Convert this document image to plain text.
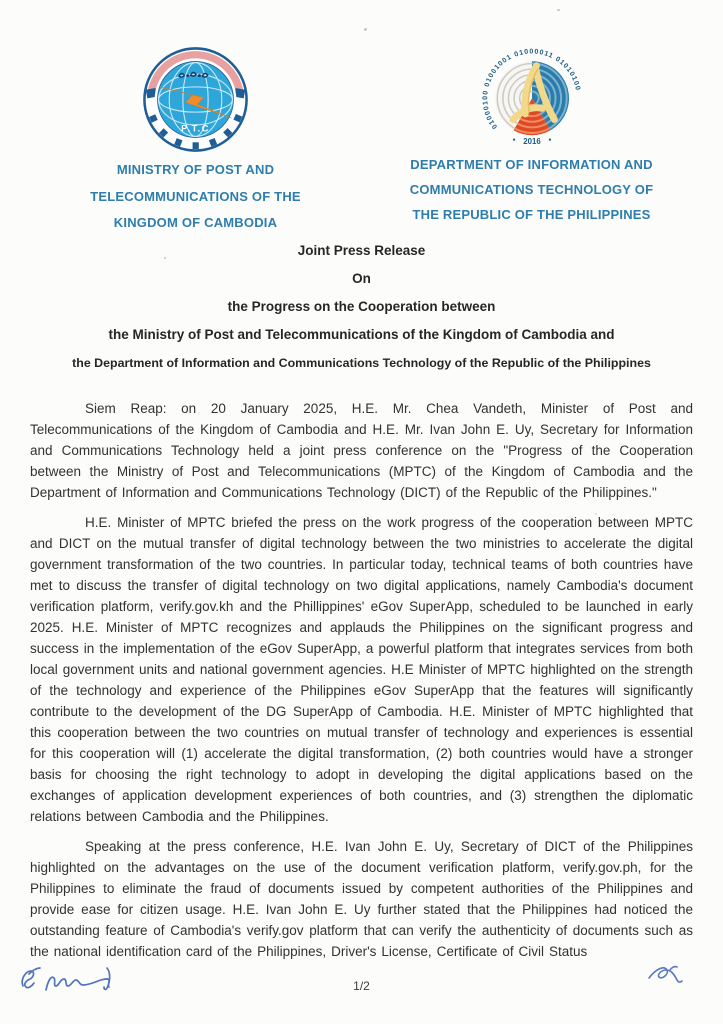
P.T.C
MINISTRY OF POST AND
TELECOMMUNICATIONS OF THE
KINGDOM OF CAMBODIA
01000100 01001001 01000011 01010100
2016
DEPARTMENT OF INFORMATION AND
COMMUNICATIONS TECHNOLOGY OF
THE REPUBLIC OF THE PHILIPPINES
Joint Press Release
On
the Progress on the Cooperation between
the Ministry of Post and Telecommunications of the Kingdom of Cambodia and
the Department of Information and Communications Technology of the Republic of the Philippines

Siem Reap: on 20 January 2025, H.E. Mr. Chea Vandeth, Minister of Post and Telecommunications of the Kingdom of Cambodia and H.E. Mr. Ivan John E. Uy, Secretary for Information and Communications Technology held a joint press conference on the "Progress of the Cooperation between the Ministry of Post and Telecommunications (MPTC) of the Kingdom of Cambodia and the Department of Information and Communications Technology (DICT) of the Republic of the Philippines."

H.E. Minister of MPTC briefed the press on the work progress of the cooperation between MPTC and DICT on the mutual transfer of digital technology between the two ministries to accelerate the digital government transformation of the two countries. In particular today, technical teams of both countries have met to discuss the transfer of digital technology on two digital applications, namely Cambodia's document verification platform, verify.gov.kh and the Phillippines' eGov SuperApp, scheduled to be launched in early 2025. H.E. Minister of MPTC recognizes and applauds the Philippines on the significant progress and success in the implementation of the eGov SuperApp, a powerful platform that integrates services from both local government units and national government agencies. H.E Minister of MPTC highlighted on the strength of the technology and experience of the Philippines eGov SuperApp that the features will significantly contribute to the development of the DG SuperApp of Cambodia. H.E. Minister of MPTC highlighted that this cooperation between the two countries on mutual transfer of technology and experiences is essential for this cooperation will (1) accelerate the digital transformation, (2) both countries would have a stronger basis for choosing the right technology to adopt in developing the digital applications based on the exchanges of application development experiences of both countries, and (3) strengthen the diplomatic relations between Cambodia and the Philippines.

Speaking at the press conference, H.E. Ivan John E. Uy, Secretary of DICT of the Philippines highlighted on the advantages on the use of the document verification platform, verify.gov.ph, for the Philippines to eliminate the fraud of documents issued by competent authorities of the Philippines and provide ease for citizen usage. H.E. Ivan John E. Uy further stated that the Philippines had noticed the outstanding feature of Cambodia's verify.gov platform that can verify the authenticity of documents such as the national identification card of the Philippines, Driver's License, Certificate of Civil Status

1/2
